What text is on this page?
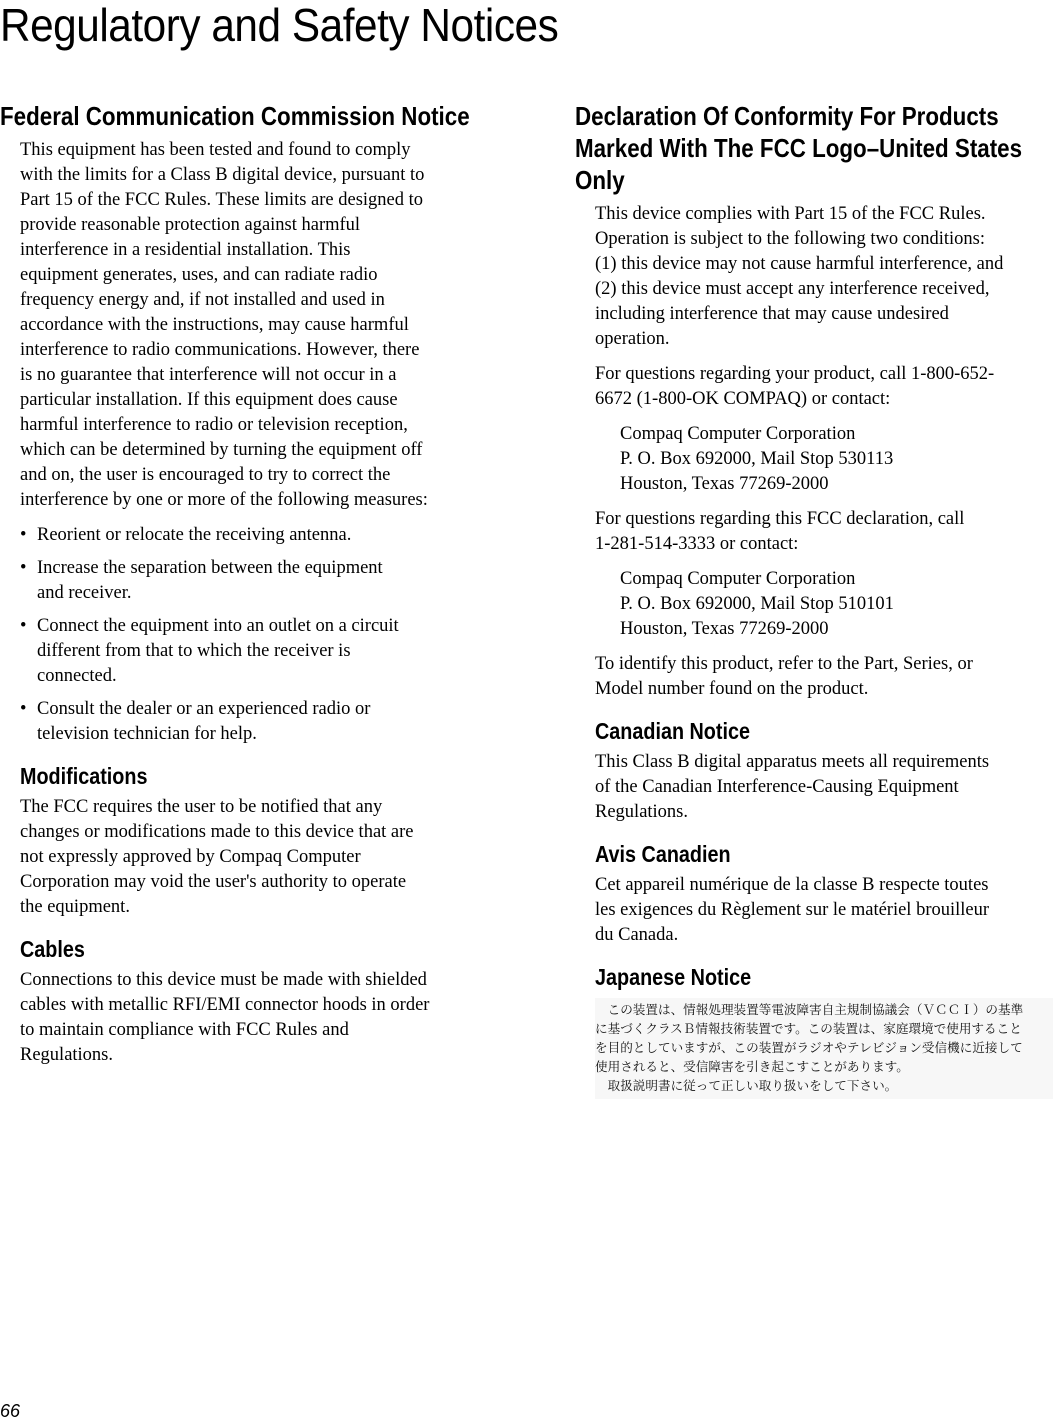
Regulatory and Safety Notices
Federal Communication Commission Notice

This equipment has been tested and found to comply
with the limits for a Class B digital device, pursuant to
Part 15 of the FCC Rules. These limits are designed to
provide reasonable protection against harmful
interference in a residential installation. This
equipment generates, uses, and can radiate radio
frequency energy and, if not installed and used in
accordance with the instructions, may cause harmful
interference to radio communications. However, there
is no guarantee that interference will not occur in a
particular installation. If this equipment does cause
harmful interference to radio or television reception,
which can be determined by turning the equipment off
and on, the user is encouraged to try to correct the
interference by one or more of the following measures:

• Reorient or relocate the receiving antenna.
• Increase the separation between the equipment
and receiver.
• Connect the equipment into an outlet on a circuit
different from that to which the receiver is
connected.
• Consult the dealer or an experienced radio or
television technician for help.
Modifications

The FCC requires the user to be notified that any
changes or modifications made to this device that are
not expressly approved by Compaq Computer
Corporation may void the user's authority to operate
the equipment.

Cables

Connections to this device must be made with shielded
cables with metallic RFI/EMI connector hoods in order
to maintain compliance with FCC Rules and
Regulations.

Declaration Of Conformity For Products Marked With The FCC Logo–United States Only

This device complies with Part 15 of the FCC Rules.
Operation is subject to the following two conditions:
(1) this device may not cause harmful interference, and
(2) this device must accept any interference received,
including interference that may cause undesired
operation.

For questions regarding your product, call 1-800-652-
6672 (1-800-OK COMPAQ) or contact:

Compaq Computer Corporation
P. O. Box 692000, Mail Stop 530113
Houston, Texas 77269-2000

For questions regarding this FCC declaration, call
1-281-514-3333 or contact:

Compaq Computer Corporation
P. O. Box 692000, Mail Stop 510101
Houston, Texas 77269-2000

To identify this product, refer to the Part, Series, or
Model number found on the product.

Canadian Notice

This Class B digital apparatus meets all requirements
of the Canadian Interference-Causing Equipment
Regulations.

Avis Canadien

Cet appareil numérique de la classe B respecte toutes
les exigences du Règlement sur le matériel brouilleur
du Canada.

Japanese Notice
　この装置は、情報処理装置等電波障害自主規制協議会（ＶＣＣＩ）の基準
に基づくクラスＢ情報技術装置です。この装置は、家庭環境で使用すること
を目的としていますが、この装置がラジオやテレビジョン受信機に近接して
使用されると、受信障害を引き起こすことがあります。
　取扱説明書に従って正しい取り扱いをして下さい。
66
